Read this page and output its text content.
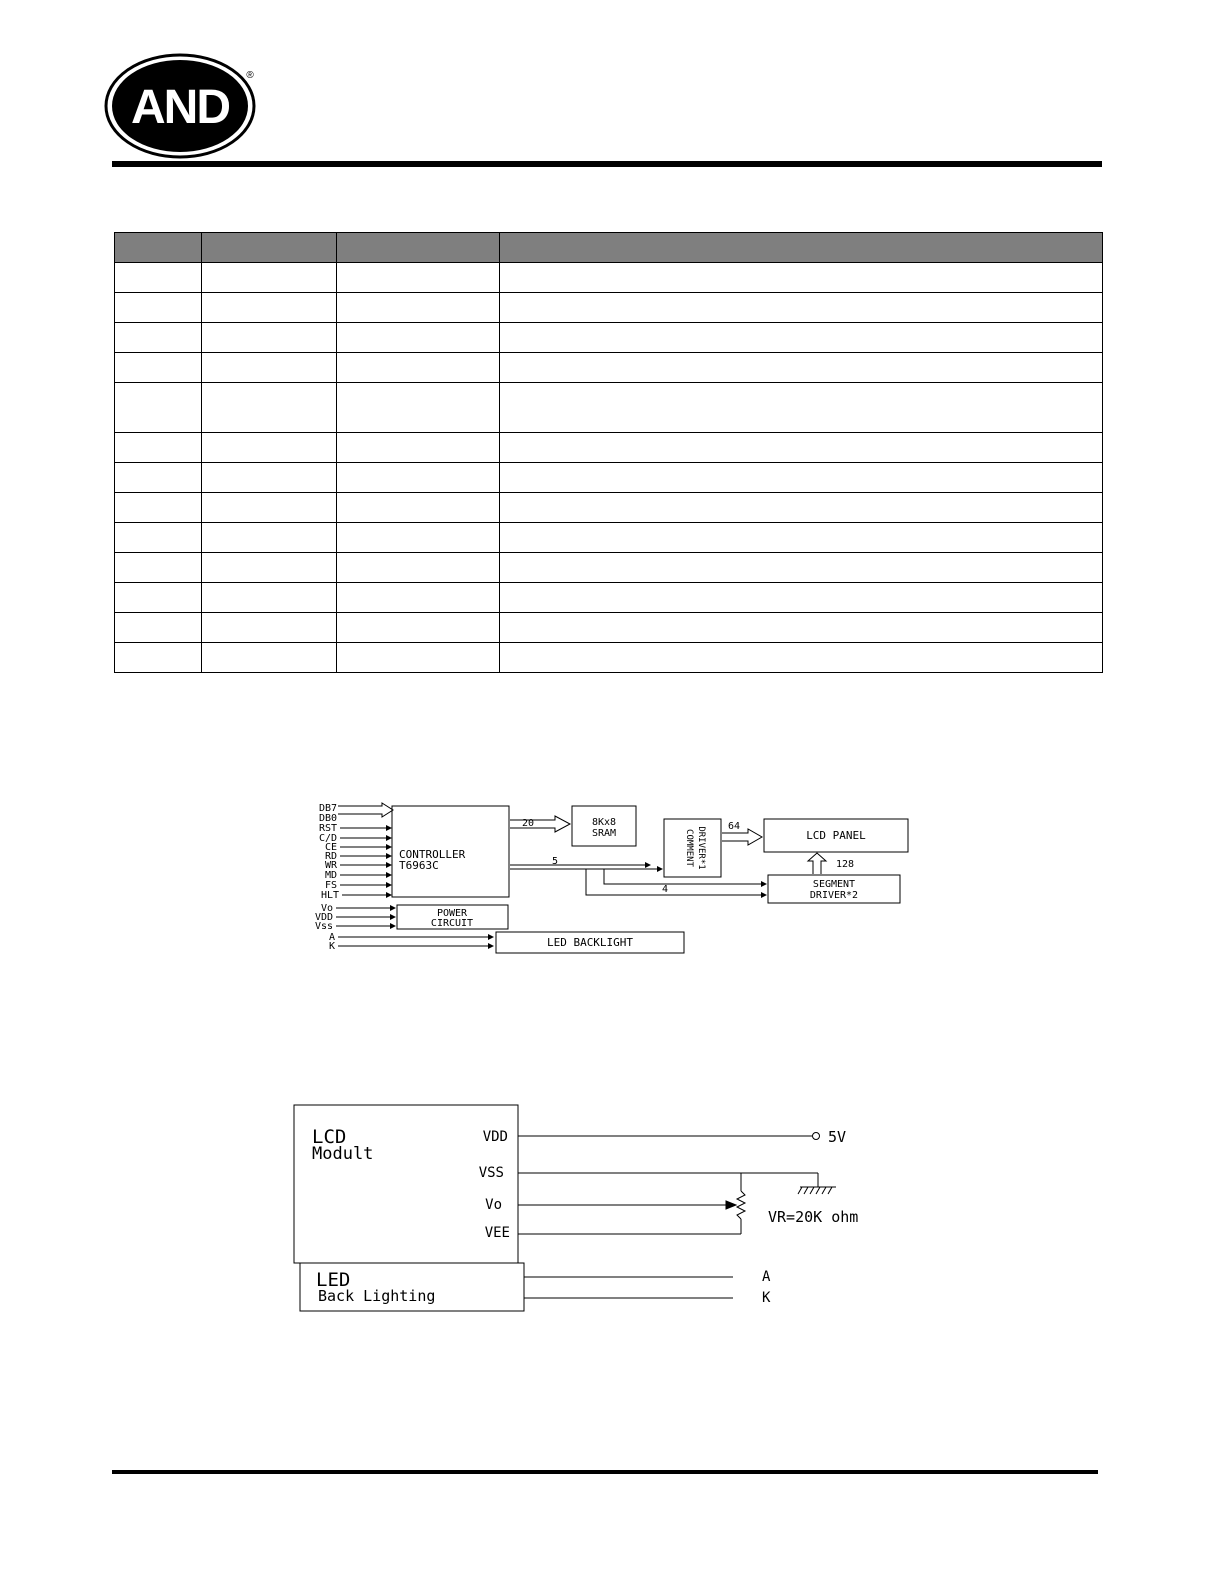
AND
®

DB7
DB0
RST
C/D
CE
RD
WR
MD
FS
HLT
Vo
VDD
Vss
A
K
CONTROLLER
T6963C
POWER
CIRCUIT
LED BACKLIGHT
8Kx8
SRAM
20
COMMENT DRIVER*1	LCD PANEL
SEGMENT
DRIVER*2
5
4
64
128
LCD
Modult
VDD
VSS
Vo
VEE
5V
VR=20K ohm
LED
Back Lighting
A
K
